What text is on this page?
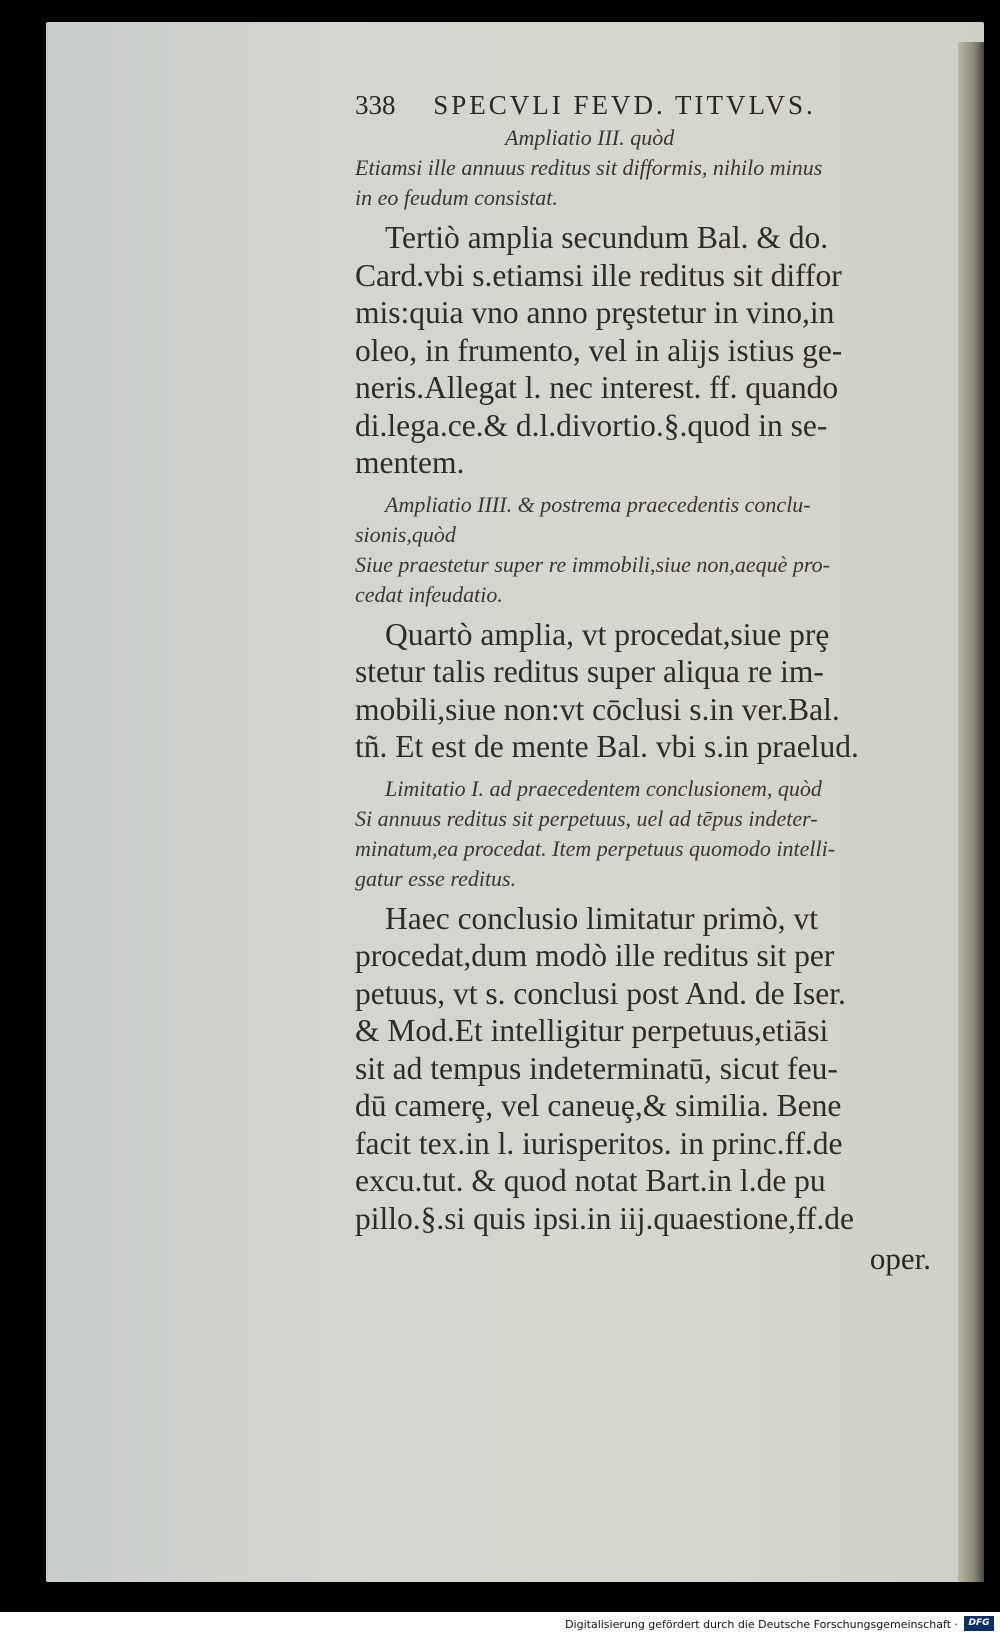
338 SPECVLI FEVD. TITVLVS.
Ampliatio III. quòd
Etiamsi ille annuus reditus sit difformis, nihilo minus
in eo feudum consistat.
Tertiò amplia secundum Bal. & do.
Card.vbi s.etiamsi ille reditus sit diffor
mis:quia vno anno prȩstetur in vino,in
oleo, in frumento, vel in alijs istius ge-
neris.Allegat l. nec interest. ff. quando
di.lega.ce.& d.l.divortio.§.quod in se-
mentem.
Ampliatio IIII. & postrema praecedentis conclu-
sionis,quòd
Siue praestetur super re immobili,siue non,aequè pro-
cedat infeudatio.
Quartò amplia, vt procedat,siue prȩ
stetur talis reditus super aliqua re im-
mobili,siue non:vt cōclusi s.in ver.Bal.
tñ. Et est de mente Bal. vbi s.in praelud.
Limitatio I. ad praecedentem conclusionem, quòd
Si annuus reditus sit perpetuus, uel ad tēpus indeter-
minatum,ea procedat. Item perpetuus quomodo intelli-
gatur esse reditus.
Haec conclusio limitatur primò, vt
procedat,dum modò ille reditus sit per
petuus, vt s. conclusi post And. de Iser.
& Mod.Et intelligitur perpetuus,etiāsi
sit ad tempus indeterminatū, sicut feu-
dū camerȩ, vel caneuȩ,& similia. Bene
facit tex.in l. iurisperitos. in princ.ff.de
excu.tut. & quod notat Bart.in l.de pu
pillo.§.si quis ipsi.in iij.quaestione,ff.de
oper.
Digitalisierung gefördert durch die Deutsche Forschungsgemeinschaft ·	DFG
